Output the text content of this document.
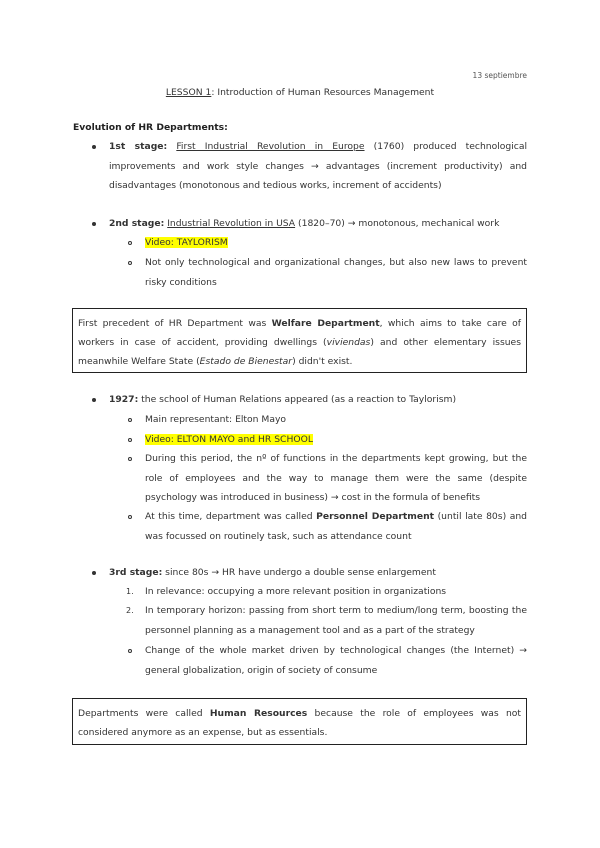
13 septiembre
LESSON 1: Introduction of Human Resources Management
Evolution of HR Departments:
1st stage: First Industrial Revolution in Europe (1760) produced technological improvements and work style changes → advantages (increment productivity) and disadvantages (monotonous and tedious works, increment of accidents)
2nd stage: Industrial Revolution in USA (1820–70) → monotonous, mechanical work
Video: TAYLORISM
Not only technological and organizational changes, but also new laws to prevent risky conditions
First precedent of HR Department was Welfare Department, which aims to take care of workers in case of accident, providing dwellings (viviendas) and other elementary issues meanwhile Welfare State (Estado de Bienestar) didn't exist.
1927: the school of Human Relations appeared (as a reaction to Taylorism)
Main representant: Elton Mayo
Video: ELTON MAYO and HR SCHOOL
During this period, the nº of functions in the departments kept growing, but the role of employees and the way to manage them were the same (despite psychology was introduced in business) → cost in the formula of benefits
At this time, department was called Personnel Department (until late 80s) and was focussed on routinely task, such as attendance count
3rd stage: since 80s → HR have undergo a double sense enlargement
1. In relevance: occupying a more relevant position in organizations
2. In temporary horizon: passing from short term to medium/long term, boosting the personnel planning as a management tool and as a part of the strategy
Change of the whole market driven by technological changes (the Internet) → general globalization, origin of society of consume
Departments were called Human Resources because the role of employees was not considered anymore as an expense, but as essentials.
